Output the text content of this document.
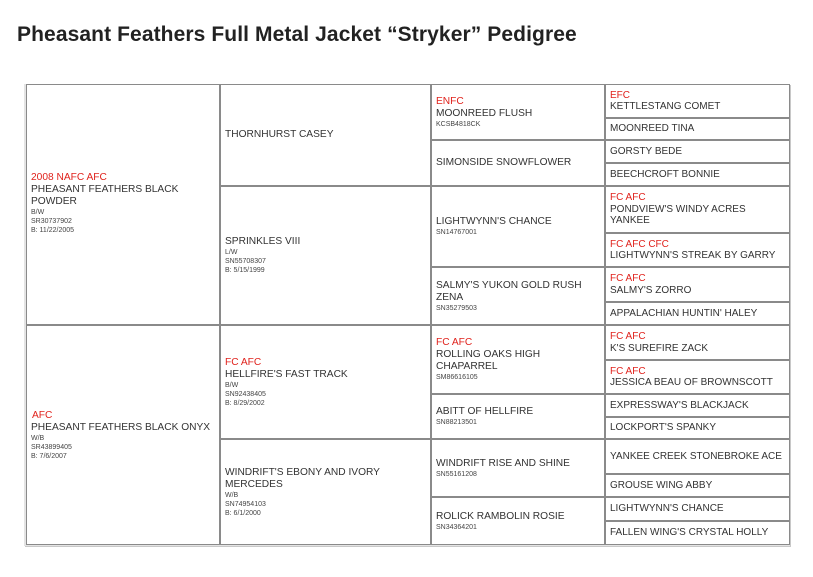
Pheasant Feathers Full Metal Jacket “Stryker” Pedigree
2008 NAFC AFC
PHEASANT FEATHERS BLACK POWDER
B/W
SR30737902
B: 11/22/2005
AFC
PHEASANT FEATHERS BLACK ONYX
W/B
SR43899405
B: 7/6/2007
THORNHURST CASEY
SPRINKLES VIII
L/W
SN55708307
B: 5/15/1999
FC AFC
HELLFIRE'S FAST TRACK
B/W
SN92438405
B: 8/29/2002
WINDRIFT'S EBONY AND IVORY MERCEDES
W/B
SN74954103
B: 6/1/2000
ENFC
MOONREED FLUSH
KCSB4818CK
SIMONSIDE SNOWFLOWER
LIGHTWYNN'S CHANCE
SN14767001
SALMY'S YUKON GOLD RUSH ZENA
SN35279503
FC AFC
ROLLING OAKS HIGH CHAPARREL
SM86616105
ABITT OF HELLFIRE
SN88213501
WINDRIFT RISE AND SHINE
SN55161208
ROLICK RAMBOLIN ROSIE
SN34364201
EFC
KETTLESTANG COMET
MOONREED TINA
GORSTY BEDE
BEECHCROFT BONNIE
FC AFC
PONDVIEW'S WINDY ACRES YANKEE
FC AFC CFC
LIGHTWYNN'S STREAK BY GARRY
FC AFC
SALMY'S ZORRO
APPALACHIAN HUNTIN' HALEY
FC AFC
K'S SUREFIRE ZACK
FC AFC
JESSICA BEAU OF BROWNSCOTT
EXPRESSWAY'S BLACKJACK
LOCKPORT'S SPANKY
YANKEE CREEK STONEBROKE ACE
GROUSE WING ABBY
LIGHTWYNN'S CHANCE
FALLEN WING'S CRYSTAL HOLLY
